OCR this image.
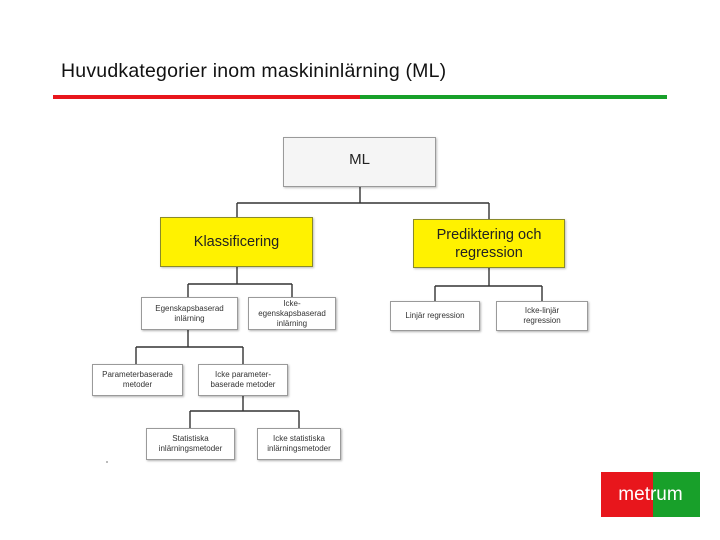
Huvudkategorier inom maskininlärning (ML)
ML
Klassificering	Prediktering och
regression
Egenskapsbaserad
inlärning
Icke-
egenskapsbaserad
inlärning
Linjär regression
Icke-linjär
regression
Parameterbaserade
metoder
Icke parameter-
baserade metoder
Statistiska
inlärningsmetoder
Icke statistiska
inlärningsmetoder
metrum
